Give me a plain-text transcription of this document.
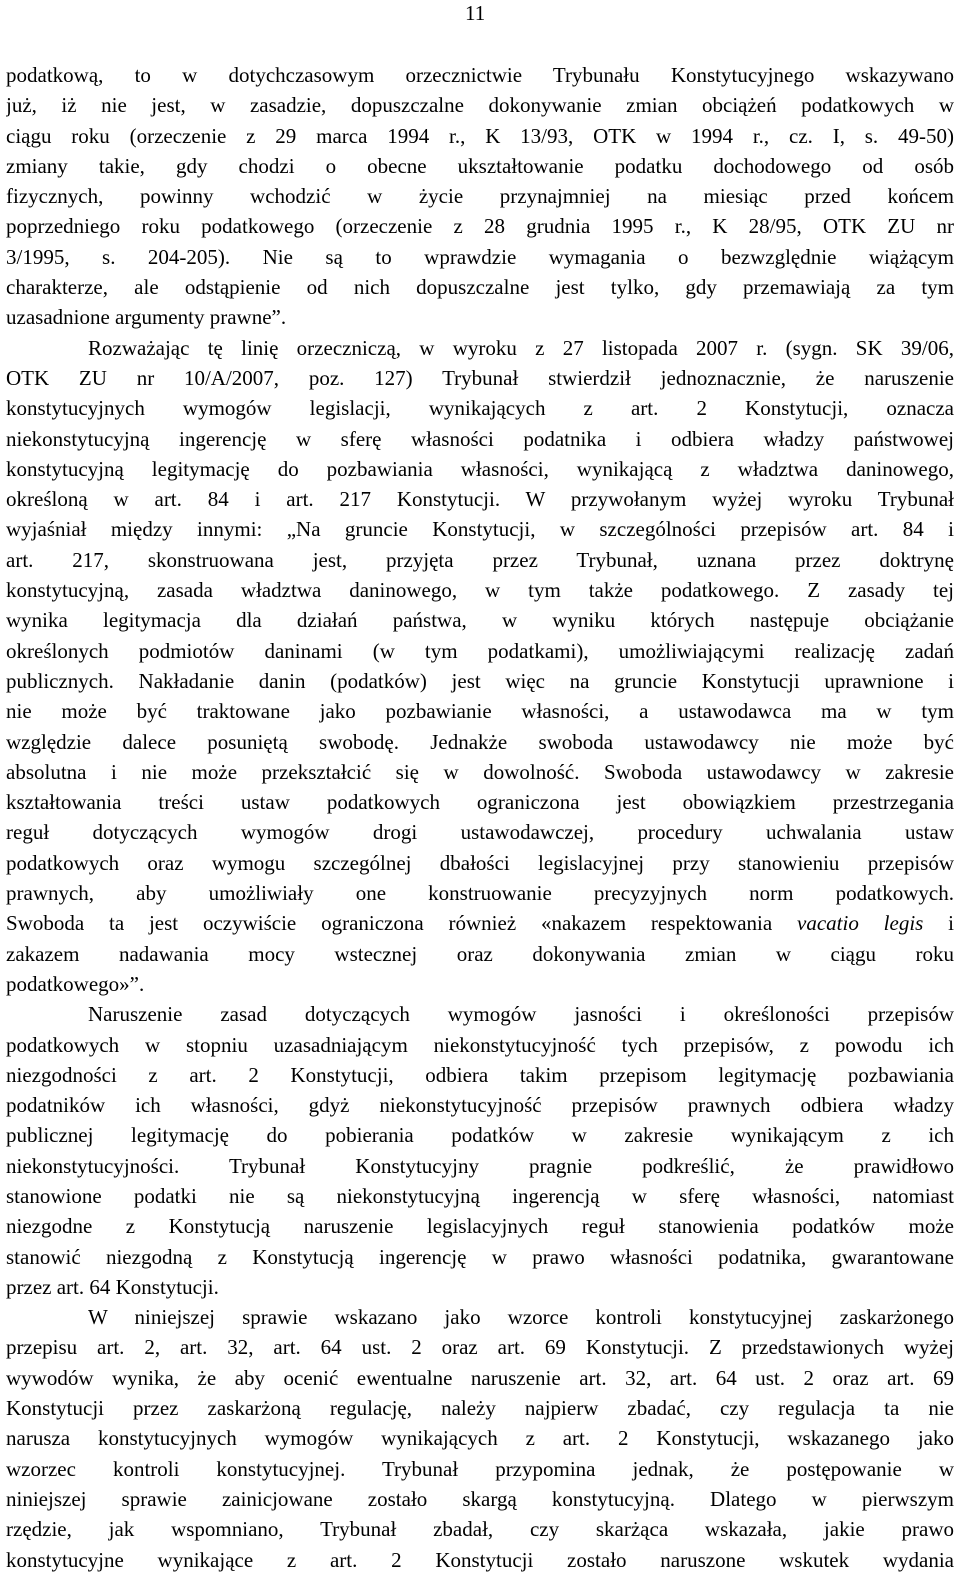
11
podatkową, to w dotychczasowym orzecznictwie Trybunału Konstytucyjnego wskazywano
już, iż nie jest, w zasadzie, dopuszczalne dokonywanie zmian obciążeń podatkowych w
ciągu roku (orzeczenie z 29 marca 1994 r., K 13/93, OTK w 1994 r., cz. I, s. 49-50)
zmiany takie, gdy chodzi o obecne ukształtowanie podatku dochodowego od osób
fizycznych, powinny wchodzić w życie przynajmniej na miesiąc przed końcem
poprzedniego roku podatkowego (orzeczenie z 28 grudnia 1995 r., K 28/95, OTK ZU nr
3/1995, s. 204-205). Nie są to wprawdzie wymagania o bezwzględnie wiążącym
charakterze, ale odstąpienie od nich dopuszczalne jest tylko, gdy przemawiają za tym
uzasadnione argumenty prawne”.
Rozważając tę linię orzeczniczą, w wyroku z 27 listopada 2007 r. (sygn. SK 39/06,
OTK ZU nr 10/A/2007, poz. 127) Trybunał stwierdził jednoznacznie, że naruszenie
konstytucyjnych wymogów legislacji, wynikających z art. 2 Konstytucji, oznacza
niekonstytucyjną ingerencję w sferę własności podatnika i odbiera władzy państwowej
konstytucyjną legitymację do pozbawiania własności, wynikającą z władztwa daninowego,
określoną w art. 84 i art. 217 Konstytucji. W przywołanym wyżej wyroku Trybunał
wyjaśniał między innymi: „Na gruncie Konstytucji, w szczególności przepisów art. 84 i
art. 217, skonstruowana jest, przyjęta przez Trybunał, uznana przez doktrynę
konstytucyjną, zasada władztwa daninowego, w tym także podatkowego. Z zasady tej
wynika legitymacja dla działań państwa, w wyniku których następuje obciążanie
określonych podmiotów daninami (w tym podatkami), umożliwiającymi realizację zadań
publicznych. Nakładanie danin (podatków) jest więc na gruncie Konstytucji uprawnione i
nie może być traktowane jako pozbawianie własności, a ustawodawca ma w tym
względzie dalece posuniętą swobodę. Jednakże swoboda ustawodawcy nie może być
absolutna i nie może przekształcić się w dowolność. Swoboda ustawodawcy w zakresie
kształtowania treści ustaw podatkowych ograniczona jest obowiązkiem przestrzegania
reguł dotyczących wymogów drogi ustawodawczej, procedury uchwalania ustaw
podatkowych oraz wymogu szczególnej dbałości legislacyjnej przy stanowieniu przepisów
prawnych, aby umożliwiały one konstruowanie precyzyjnych norm podatkowych.
Swoboda ta jest oczywiście ograniczona również «nakazem respektowania vacatio legis i
zakazem nadawania mocy wstecznej oraz dokonywania zmian w ciągu roku
podatkowego»”.
Naruszenie zasad dotyczących wymogów jasności i określoności przepisów
podatkowych w stopniu uzasadniającym niekonstytucyjność tych przepisów, z powodu ich
niezgodności z art. 2 Konstytucji, odbiera takim przepisom legitymację pozbawiania
podatników ich własności, gdyż niekonstytucyjność przepisów prawnych odbiera władzy
publicznej legitymację do pobierania podatków w zakresie wynikającym z ich
niekonstytucyjności. Trybunał Konstytucyjny pragnie podkreślić, że prawidłowo
stanowione podatki nie są niekonstytucyjną ingerencją w sferę własności, natomiast
niezgodne z Konstytucją naruszenie legislacyjnych reguł stanowienia podatków może
stanowić niezgodną z Konstytucją ingerencję w prawo własności podatnika, gwarantowane
przez art. 64 Konstytucji.
W niniejszej sprawie wskazano jako wzorce kontroli konstytucyjnej zaskarżonego
przepisu art. 2, art. 32, art. 64 ust. 2 oraz art. 69 Konstytucji. Z przedstawionych wyżej
wywodów wynika, że aby ocenić ewentualne naruszenie art. 32, art. 64 ust. 2 oraz art. 69
Konstytucji przez zaskarżoną regulację, należy najpierw zbadać, czy regulacja ta nie
narusza konstytucyjnych wymogów wynikających z art. 2 Konstytucji, wskazanego jako
wzorzec kontroli konstytucyjnej. Trybunał przypomina jednak, że postępowanie w
niniejszej sprawie zainicjowane zostało skargą konstytucyjną. Dlatego w pierwszym
rzędzie, jak wspomniano, Trybunał zbadał, czy skarżąca wskazała, jakie prawo
konstytucyjne wynikające z art. 2 Konstytucji zostało naruszone wskutek wydania
